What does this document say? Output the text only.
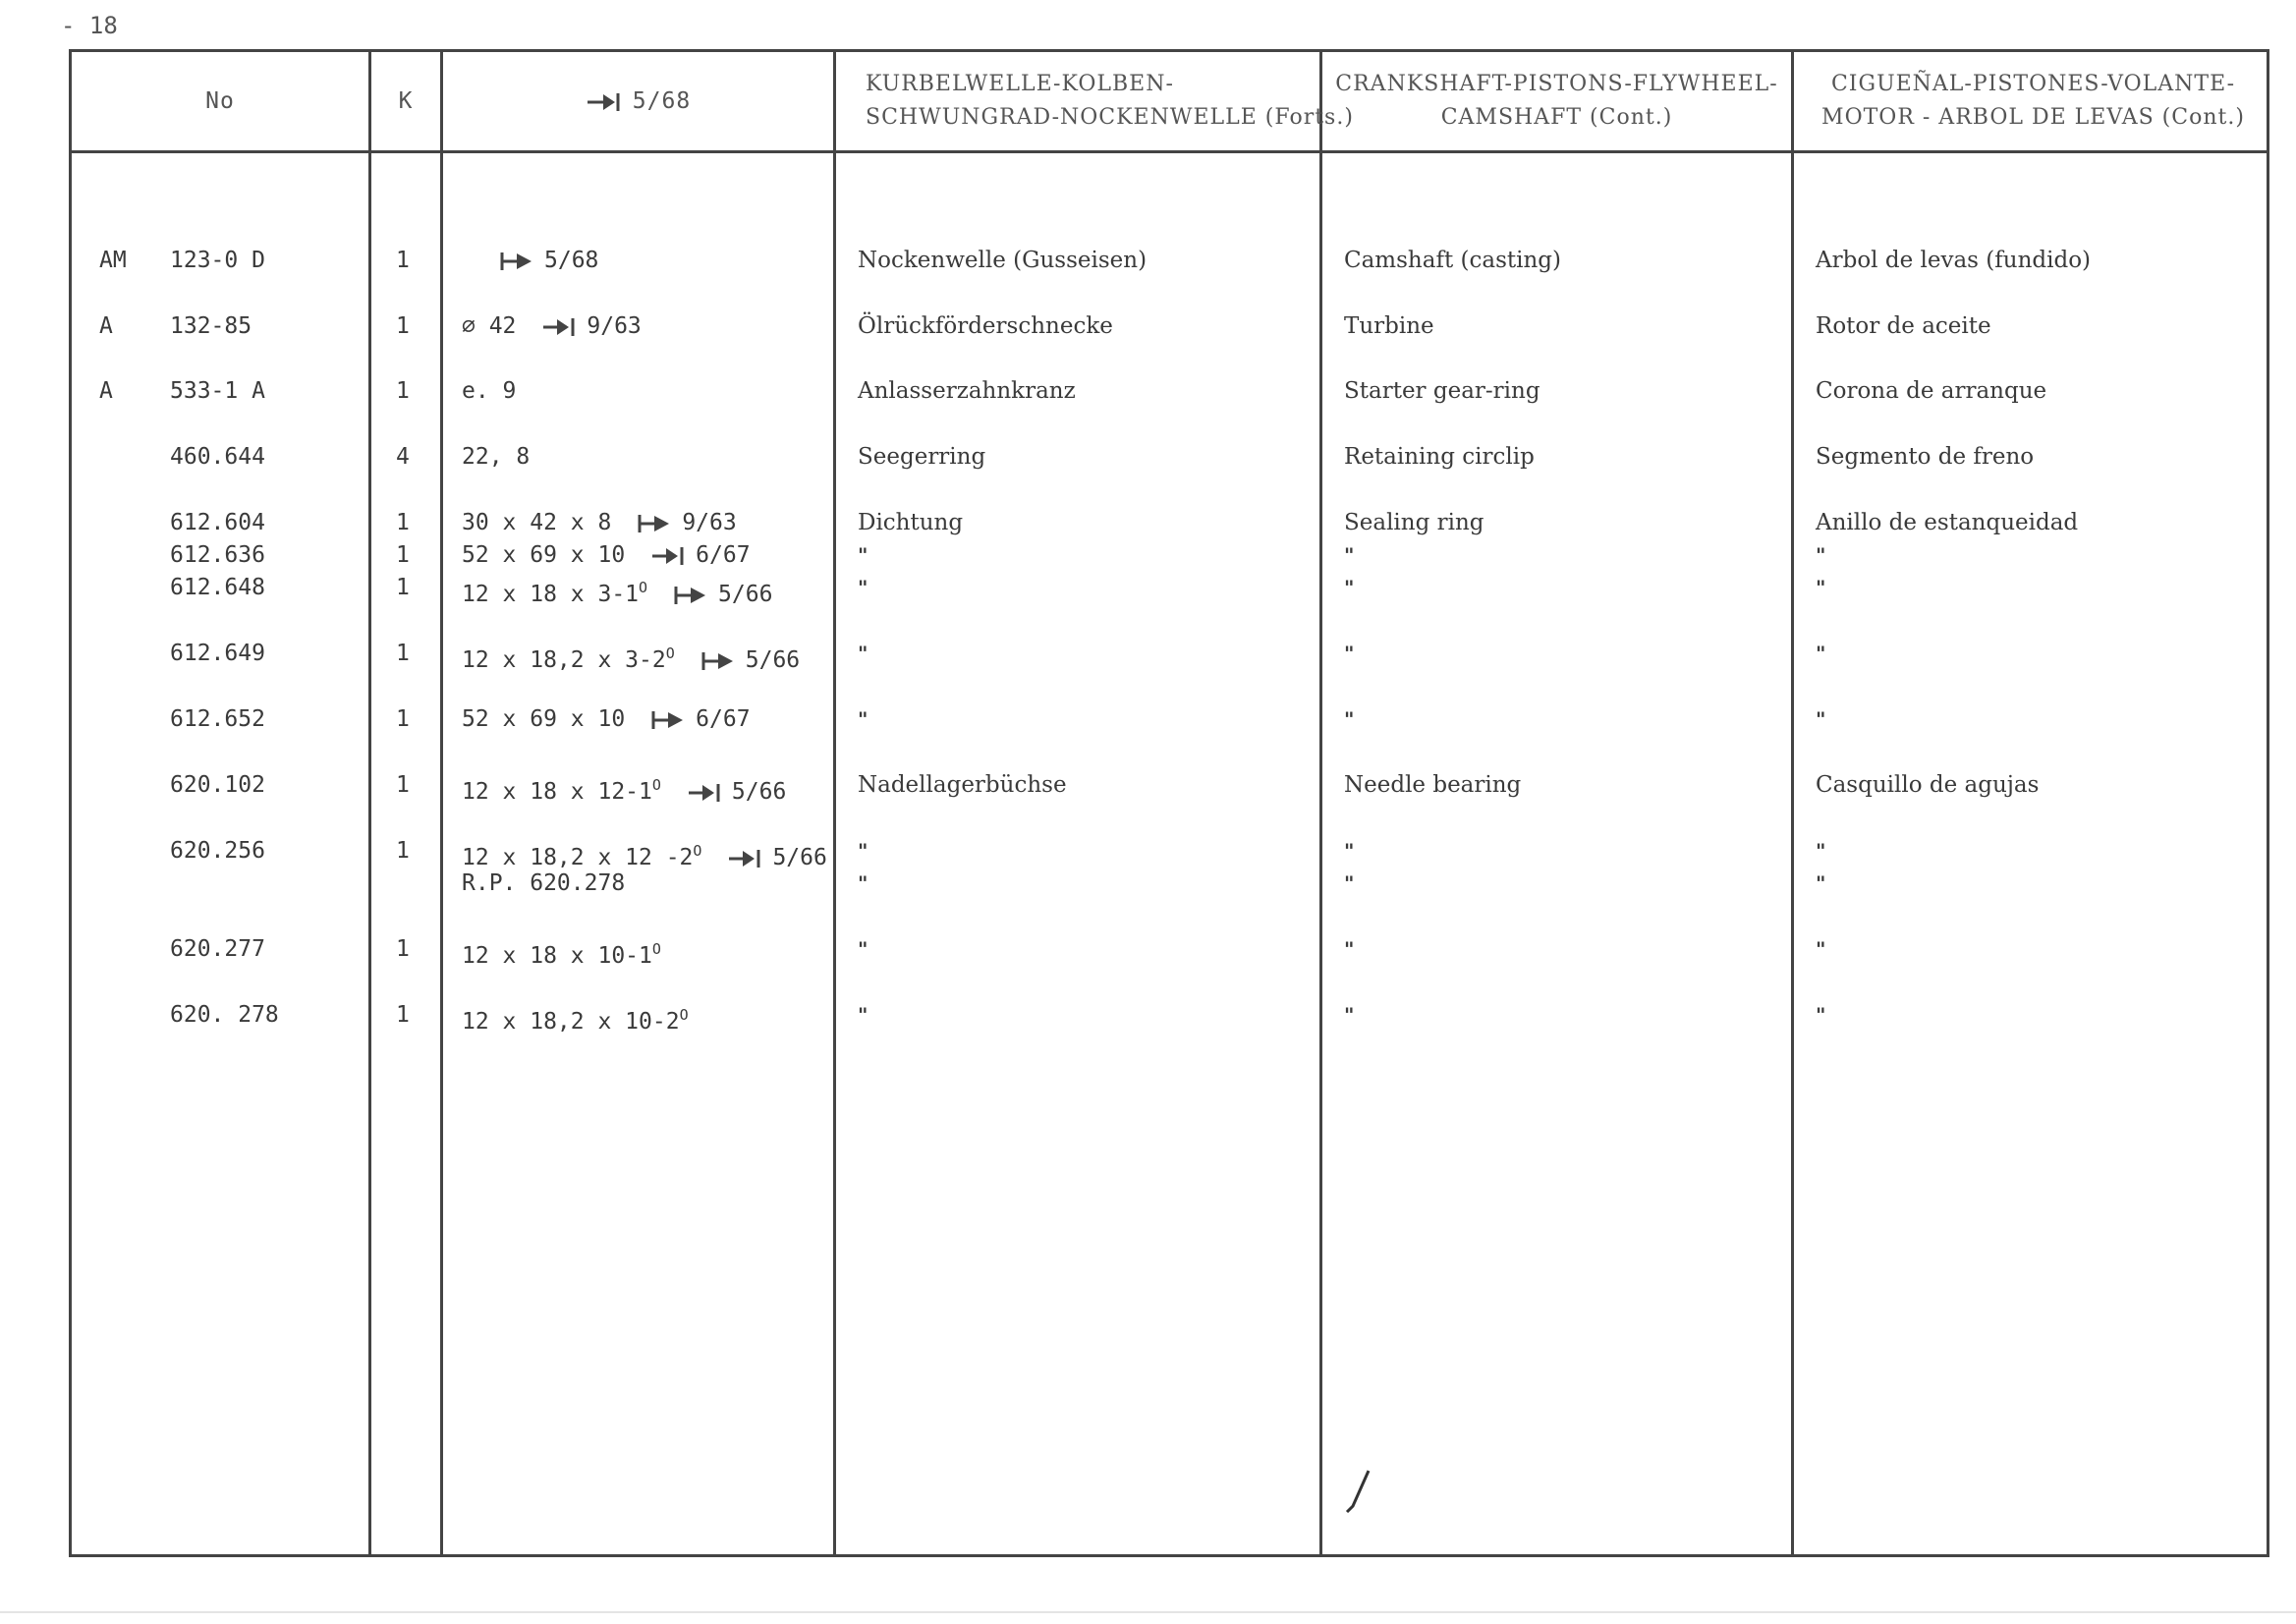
- 18
No	K	5/68
KURBELWELLE-KOLBEN-
SCHWUNGRAD-NOCKENWELLE (Forts.)
CRANKSHAFT-PISTONS-FLYWHEEL-
CAMSHAFT (Cont.)
CIGUEÑAL-PISTONES-VOLANTE-
MOTOR - ARBOL DE LEVAS (Cont.)
AM 123-0 D	1	5/68	Nockenwelle (Gusseisen)	Camshaft (casting)	Arbol de levas (fundido)
A	132-85	1 ∅ 42	9/63	Ölrückförderschnecke	Turbine	Rotor de aceite
A	533-1 A	1 e. 9	Anlasserzahnkranz	Starter gear-ring	Corona de arranque
460.644	4 22, 8	Seegerring	Retaining circlip	Segmento de freno
612.604	1 30 x 42 x 8	9/63	Dichtung	Sealing ring	Anillo de estanqueidad
612.636	1 52 x 69 x 10	6/67	"	"	"
612.648	1 12 x 18 x $3-1^O$	5/66	"	"	"
612.649	1 12 x 18,2 x $3-2^O$	5/66	"	"	"
612.652	1 52 x 69 x 10	6/67	"	"	"
620.102	1 12 x 18 x $12-1^O$	5/66	Nadellagerbüchse	Needle bearing	Casquillo de agujas
620.256	1 12 x 18,2 x 12 $-2^O$	5/66 "	"	"
R.P. 620.278	"	"	"
620.277	1 12 x 18 x $10-1^O$	"	"	"
620. 278	1 12 x 18,2 x $10-2^O$	"	"	"
